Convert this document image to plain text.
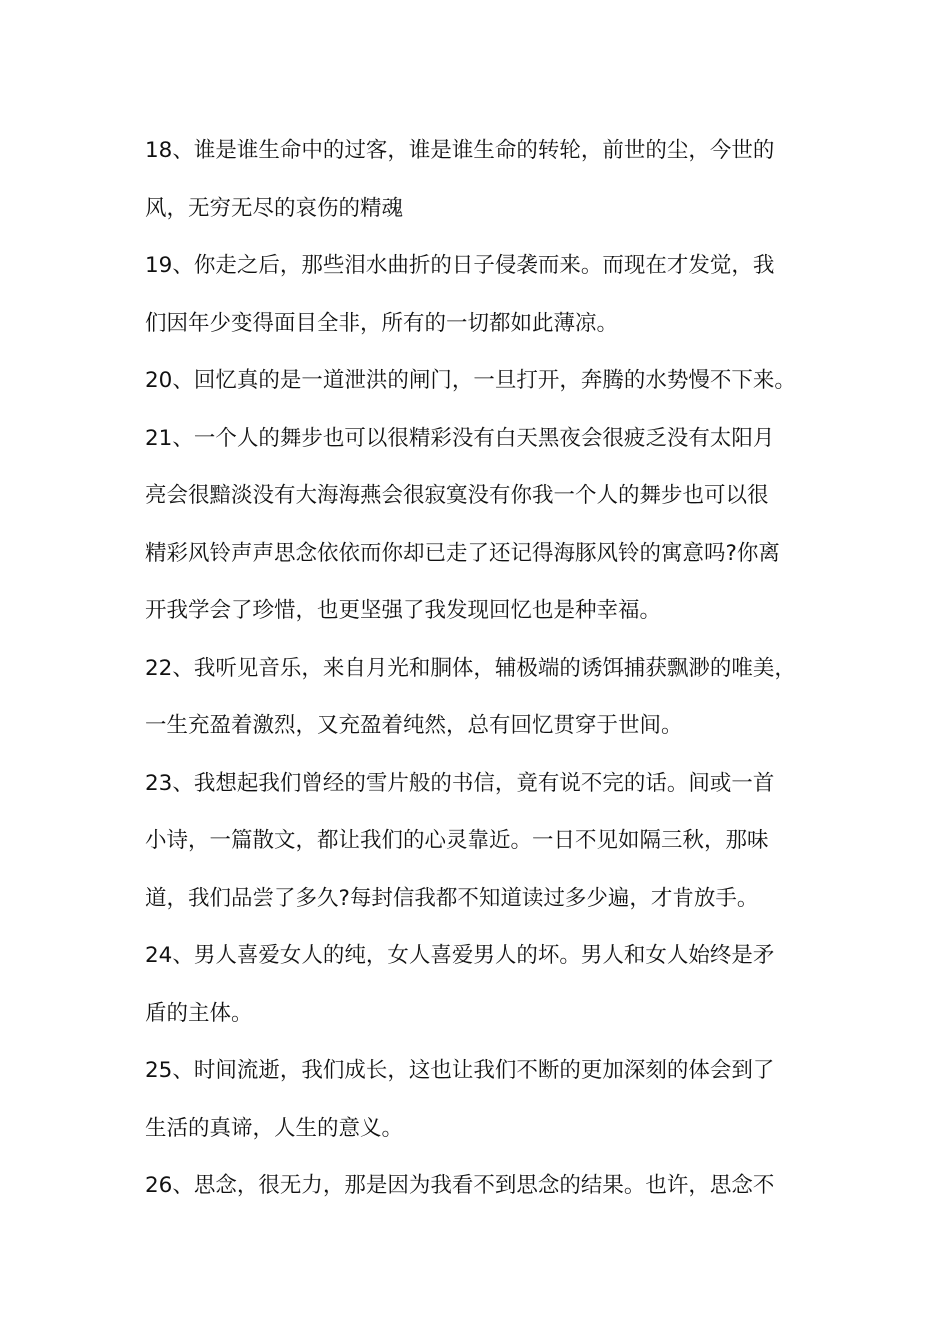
18、谁是谁生命中的过客，谁是谁生命的转轮，前世的尘，今世的
风，无穷无尽的哀伤的精魂
19、你走之后，那些泪水曲折的日子侵袭而来。而现在才发觉，我
们因年少变得面目全非，所有的一切都如此薄凉。
20、回忆真的是一道泄洪的闸门，一旦打开，奔腾的水势慢不下来。
21、一个人的舞步也可以很精彩没有白天黑夜会很疲乏没有太阳月
亮会很黯淡没有大海海燕会很寂寞没有你我一个人的舞步也可以很
精彩风铃声声思念依依而你却已走了还记得海豚风铃的寓意吗?你离
开我学会了珍惜，也更坚强了我发现回忆也是种幸福。
22、我听见音乐，来自月光和胴体，辅极端的诱饵捕获飘渺的唯美，
一生充盈着激烈，又充盈着纯然，总有回忆贯穿于世间。
23、我想起我们曾经的雪片般的书信，竟有说不完的话。间或一首
小诗，一篇散文，都让我们的心灵靠近。一日不见如隔三秋，那味
道，我们品尝了多久?每封信我都不知道读过多少遍，才肯放手。
24、男人喜爱女人的纯，女人喜爱男人的坏。男人和女人始终是矛
盾的主体。
25、时间流逝，我们成长，这也让我们不断的更加深刻的体会到了
生活的真谛，人生的意义。
26、思念，很无力，那是因为我看不到思念的结果。也许，思念不
